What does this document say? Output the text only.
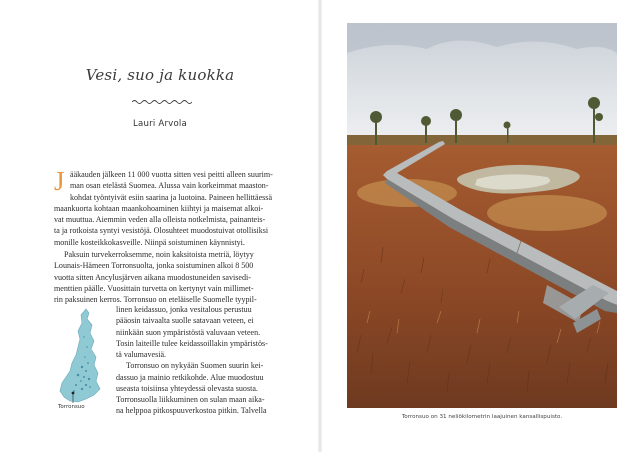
Vesi, suo ja kuokka
Lauri Arvola
J ääkauden jälkeen 11 000 vuotta sitten vesi peitti alleen suurim-
man osan etelästä Suomea. Alussa vain korkeimmat maaston-
kohdat työntyivät esiin saarina ja luotoina. Paineen hellittäessä
maankuorta kohtaan maankohoaminen kiihtyi ja maisemat alkoi-
vat muuttua. Aiemmin veden alla olleista notkelmista, painanteis-
ta ja rotkoista syntyi vesistöjä. Olosuhteet muodostuivat otollisiksi
monille kosteikkokasveille. Niinpä soistuminen käynnistyi.
Paksuin turvekerroksemme, noin kaksitoista metriä, löytyy
Lounais-Hämeen Torronsuolta, jonka soistuminen alkoi 8 500
vuotta sitten Ancylusjärven aikana muodostuneiden savisedi-
menttien päälle. Vuosittain turvetta on kertynyt vain millimet-
rin paksuinen kerros. Torronsuo on eteläiselle Suomelle tyypil-
linen keidassuo, jonka vesitalous perustuu
pääosin taivaalta suolle satavaan veteen, ei
niinkään suon ympäristöstä valuvaan veteen.
Tosin laiteille tulee keidassoillakin ympäristös-
tä valumavesiä.
Torronsuo on nykyään Suomen suurin kei-
dassuo ja mainio retkikohde. Alue muodostuu
useasta toisiinsa yhteydessä olevasta suosta.
Torronsuolla liikkuminen on sulan maan aika-
na helppoa pitkospuuverkostoa pitkin. Talvella
Torronsuo
Torronsuo on 31 neliökilometrin laajuinen kansallispuisto.
